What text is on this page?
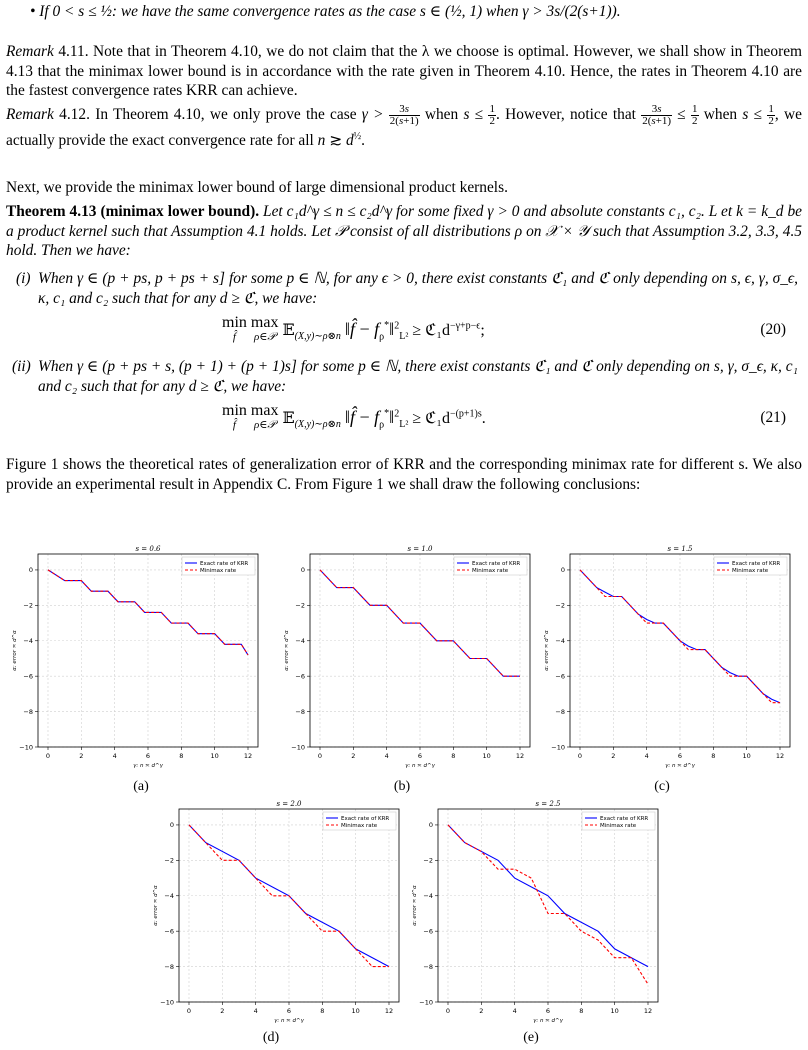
• If 0 < s ≤ ½: we have the same convergence rates as the case s ∈ (½, 1) when γ > 3s/(2(s+1)).

Remark 4.11. Note that in Theorem 4.10, we do not claim that the λ we choose is optimal. However, we shall show in Theorem 4.13 that the minimax lower bound is in accordance with the rate given in Theorem 4.10. Hence, the rates in Theorem 4.10 are the fastest convergence rates KRR can achieve.

Remark 4.12. In Theorem 4.10, we only prove the case $\gamma > \frac{3s}{2(s+1)}$ when $s \le \frac{1}{2}$ . However, notice that $\frac{3s}{2(s+1)} \le \frac{1}{2}$ when $s \le \frac{1}{2}$ , we actually provide the exact convergence rate for all n ≳ $d^{\frac{1}{2}}$.

Next, we provide the minimax lower bound of large dimensional product kernels.

Theorem 4.13 (minimax lower bound). Let c₁d^γ ≤ n ≤ c₂d^γ for some fixed γ > 0 and absolute constants c₁, c₂. L et k = k_d be a product kernel such that Assumption 4.1 holds. Let 𝒫 consist of all distributions ρ on 𝒳 × 𝒴 such that Assumption 3.2, 3.3, 4.5 hold. Then we have:

(i) When γ ∈ (p + ps, p + ps + s] for some p ∈ ℕ, for any ϵ > 0, there exist constants ℭ₁ and ℭ only depending on s, ϵ, γ, σ_ϵ, κ, c₁ and c₂ such that for any d ≥ ℭ, we have:
min
f̂
max
ρ∈𝒫 𝔼$_{(X,y)\sim\rho\otimes n}$ ‖f̂ − $f_\rho^*‖^2_{L^2}$ ≥ $ℭ_1d^{-\gamma+p-\epsilon}$;	(20)
(ii) When γ ∈ (p + ps + s, (p + 1) + (p + 1)s] for some p ∈ ℕ, there exist constants ℭ₁ and ℭ only depending on s, γ, σ_ϵ, κ, c₁ and c₂ such that for any d ≥ ℭ, we have:
min
f̂
max
ρ∈𝒫 𝔼$_{(X,y)\sim\rho\otimes n}$ ‖f̂ − $f_\rho^*‖^2_{L^2}$ ≥ $ℭ_1d^{-(p+1)s}$.	(21)
Figure 1 shows the theoretical rates of generalization error of KRR and the corresponding minimax rate for different s. We also provide an experimental result in Appendix C. From Figure 1 we shall draw the following conclusions:
0	2	4	6	8	10	12
0
−2
−4
−6
−8
−10
s = 0.6
γ: n ≍ d^γ
α: error ≍ d^α
Exact rate of KRR
Minimax rate
0	2	4	6	8	10	12
0
−2
−4
−6
−8
−10
s = 1.0
γ: n ≍ d^γ
α: error ≍ d^α
Exact rate of KRR
Minimax rate
0	2	4	6	8	10	12
0
−2
−4
−6
−8
−10
s = 1.5
γ: n ≍ d^γ
α: error ≍ d^α
Exact rate of KRR
Minimax rate
0	2	4	6	8	10	12
0
−2
−4
−6
−8
−10
s = 2.0
γ: n ≍ d^γ
α: error ≍ d^α
Exact rate of KRR
Minimax rate
0	2	4	6	8	10	12
0
−2
−4
−6
−8
−10
s = 2.5
γ: n ≍ d^γ
α: error ≍ d^α
Exact rate of KRR
Minimax rate
(a)	(b)	(c)
(d)	(e)
